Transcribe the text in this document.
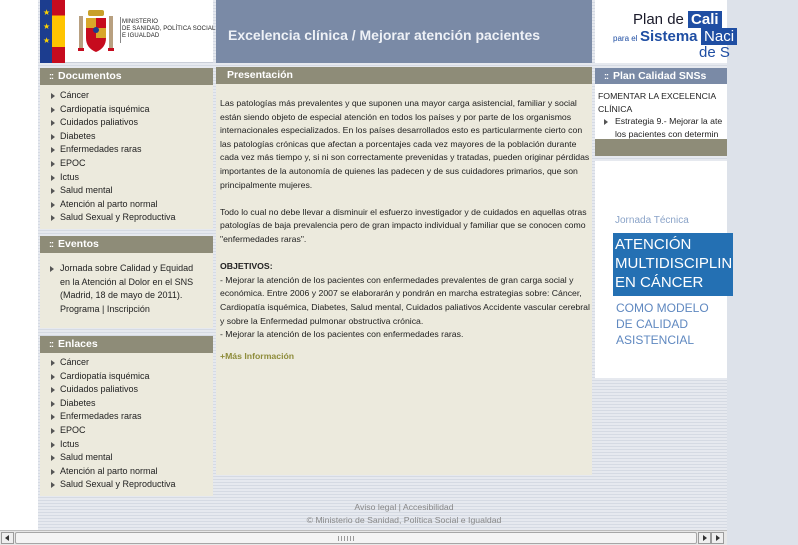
★
★
★
MINISTERIO
DE SANIDAD, POLÍTICA SOCIAL
E IGUALDAD	Excelencia clínica / Mejorar atención pacientes
Plan de Cali
para el Sistema Naci
de S
:: Documentos
Cáncer
Cardiopatía isquémica
Cuidados paliativos
Diabetes
Enfermedades raras
EPOC
Ictus
Salud mental
Atención al parto normal
Salud Sexual y Reproductiva
:: Eventos
Jornada sobre Calidad y Equidad
en la Atención al Dolor en el SNS
(Madrid, 18 de mayo de 2011).
Programa | Inscripción
:: Enlaces
Cáncer
Cardiopatía isquémica
Cuidados paliativos
Diabetes
Enfermedades raras
EPOC
Ictus
Salud mental
Atención al parto normal
Salud Sexual y Reproductiva
Presentación

Las patologías más prevalentes y que suponen una mayor carga asistencial, familiar y social están siendo objeto de especial atención en todos los países y por parte de los organismos internacionales especializados. En los países desarrollados esto es particularmente cierto con las patologías crónicas que afectan a porcentajes cada vez mayores de la población durante cada vez más tiempo y, si ni son correctamente prevenidas y tratadas, pueden originar pérdidas importantes de la autonomía de quienes las padecen y de sus cuidadores primarios, que son principalmente mujeres.

Todo lo cual no debe llevar a disminuir el esfuerzo investigador y de cuidados en aquellas otras patologías de baja prevalencia pero de gran impacto individual y familiar que se conocen como "enfermedades raras".

OBJETIVOS:
- Mejorar la atención de los pacientes con enfermedades prevalentes de gran carga social y económica. Entre 2006 y 2007 se elaborarán y pondrán en marcha estrategias sobre: Cáncer, Cardiopatía isquémica, Diabetes, Salud mental, Cuidados paliativos Accidente vascular cerebral y sobre la Enfermedad pulmonar obstructiva crónica.
- Mejorar la atención de los pacientes con enfermedades raras.
+Más Información
:: Plan Calidad SNSs
FOMENTAR LA EXCELENCIA
CLÍNICA
Estrategia 9.- Mejorar la ate
los pacientes con determin
Jornada Técnica
ATENCIÓN
MULTIDISCIPLIN
EN CÁNCER
COMO MODELO
DE CALIDAD
ASISTENCIAL
Aviso legal | Accesibilidad
© Ministerio de Sanidad, Política Social e Igualdad
